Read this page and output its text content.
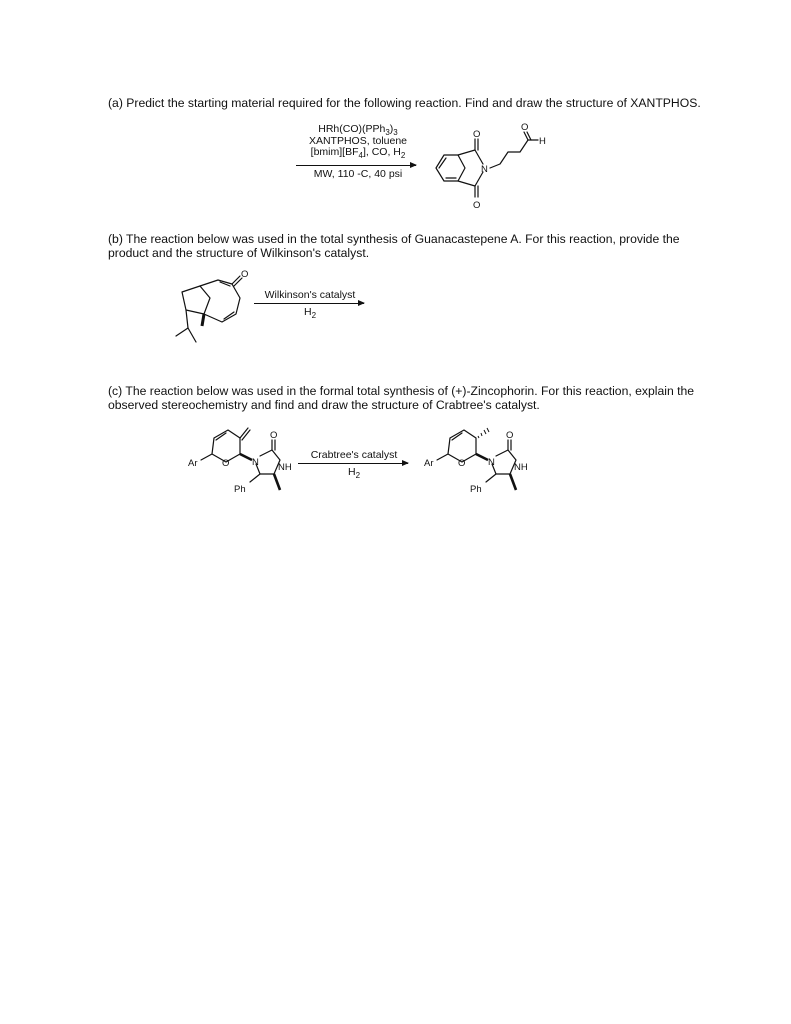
(a) Predict the starting material required for the following reaction. Find and draw the structure of XANTPHOS.

(b) The reaction below was used in the total synthesis of Guanacastepene A. For this reaction, provide the product and the structure of Wilkinson's catalyst.

(c) The reaction below was used in the formal total synthesis of (+)-Zincophorin. For this reaction, explain the observed stereochemistry and find and draw the structure of Crabtree's catalyst.

$HRh(CO)(PPh_3)_3$
XANTPHOS, toluene
$[bmim][BF_4]$, CO, $H_2$
MW, 110 -C, 40 psi
O
O
N
O
H
O
Wilkinson's catalyst
$H_2$
Ar	O N
O
NH
Ph
Crabtree's catalyst
$H_2$
Ar	O N
O
NH
Ph
